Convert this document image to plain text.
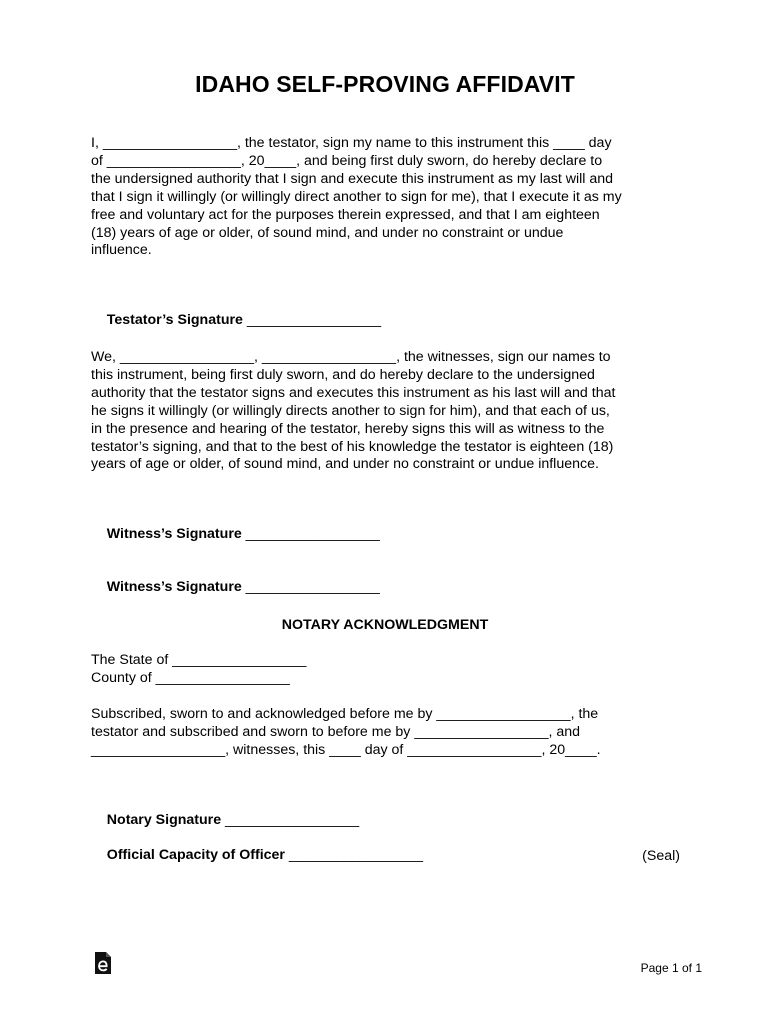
IDAHO SELF-PROVING AFFIDAVIT
I, _________________, the testator, sign my name to this instrument this ____ day
of _________________, 20____, and being first duly sworn, do hereby declare to
the undersigned authority that I sign and execute this instrument as my last will and
that I sign it willingly (or willingly direct another to sign for me), that I execute it as my
free and voluntary act for the purposes therein expressed, and that I am eighteen
(18) years of age or older, of sound mind, and under no constraint or undue
influence.

Testator’s Signature _________________

We, _________________, _________________, the witnesses, sign our names to
this instrument, being first duly sworn, and do hereby declare to the undersigned
authority that the testator signs and executes this instrument as his last will and that
he signs it willingly (or willingly directs another to sign for him), and that each of us,
in the presence and hearing of the testator, hereby signs this will as witness to the
testator’s signing, and that to the best of his knowledge the testator is eighteen (18)
years of age or older, of sound mind, and under no constraint or undue influence.

Witness’s Signature _________________

Witness’s Signature _________________

NOTARY ACKNOWLEDGMENT
The State of _________________
County of _________________
Subscribed, sworn to and acknowledged before me by _________________, the
testator and subscribed and sworn to before me by _________________, and
_________________, witnesses, this ____ day of _________________, 20____.

Notary Signature _________________

Official Capacity of Officer _________________
	(Seal)
Page 1 of 1
